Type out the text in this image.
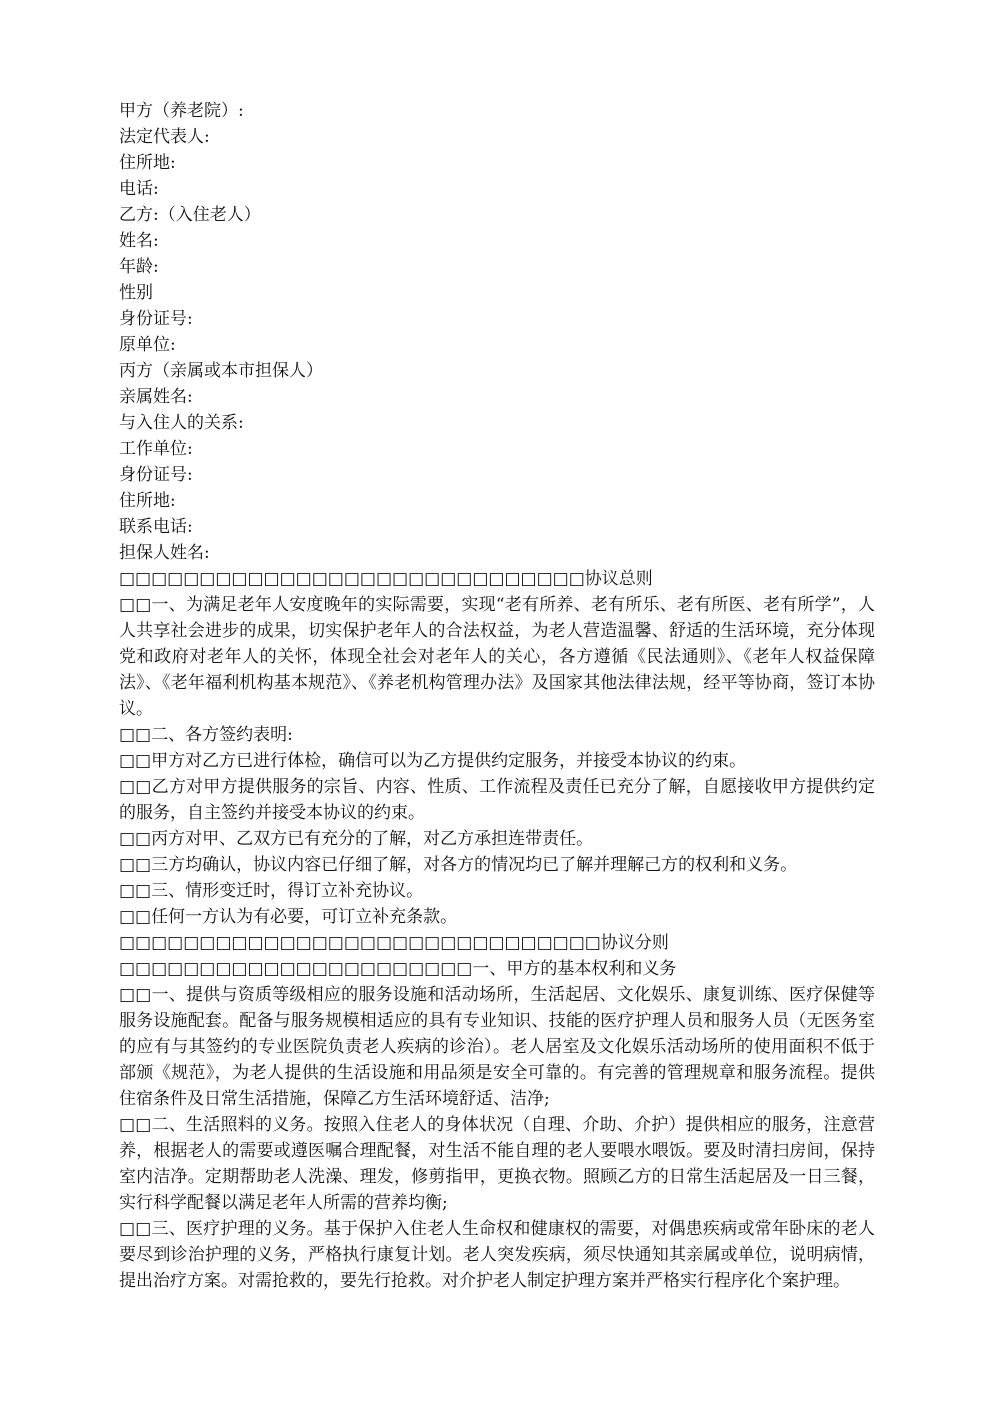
甲方（养老院）:
法定代表人:
住所地:
电话:
乙方:（入住老人）
姓名:
年龄:
性别
身份证号:
原单位:
丙方（亲属或本市担保人）
亲属姓名:
与入住人的关系:
工作单位:
身份证号:
住所地:
联系电话:
担保人姓名:
□□□□□□□□□□□□□□□□□□□□□□□□□□□□□协议总则
□□一、为满足老年人安度晚年的实际需要，实现“老有所养、老有所乐、老有所医、老有所学”，人人共享社会进步的成果，切实保护老年人的合法权益，为老人营造温馨、舒适的生活环境，充分体现党和政府对老年人的关怀，体现全社会对老年人的关心，各方遵循《民法通则》、《老年人权益保障法》、《老年福利机构基本规范》、《养老机构管理办法》及国家其他法律法规，经平等协商，签订本协议。
□□二、各方签约表明:
□□甲方对乙方已进行体检，确信可以为乙方提供约定服务，并接受本协议的约束。
□□乙方对甲方提供服务的宗旨、内容、性质、工作流程及责任已充分了解，自愿接收甲方提供约定的服务，自主签约并接受本协议的约束。
□□丙方对甲、乙双方已有充分的了解，对乙方承担连带责任。
□□三方均确认，协议内容已仔细了解，对各方的情况均已了解并理解己方的权利和义务。
□□三、情形变迁时，得订立补充协议。
□□任何一方认为有必要，可订立补充条款。
□□□□□□□□□□□□□□□□□□□□□□□□□□□□□□协议分则
□□□□□□□□□□□□□□□□□□□□□□一、甲方的基本权利和义务
□□一、提供与资质等级相应的服务设施和活动场所，生活起居、文化娱乐、康复训练、医疗保健等服务设施配套。配备与服务规模相适应的具有专业知识、技能的医疗护理人员和服务人员（无医务室的应有与其签约的专业医院负责老人疾病的诊治）。老人居室及文化娱乐活动场所的使用面积不低于部颁《规范》，为老人提供的生活设施和用品须是安全可靠的。有完善的管理规章和服务流程。提供住宿条件及日常生活措施，保障乙方生活环境舒适、洁净;
□□二、生活照料的义务。按照入住老人的身体状况（自理、介助、介护）提供相应的服务，注意营养，根据老人的需要或遵医嘱合理配餐，对生活不能自理的老人要喂水喂饭。要及时清扫房间，保持室内洁净。定期帮助老人洗澡、理发，修剪指甲，更换衣物。照顾乙方的日常生活起居及一日三餐，实行科学配餐以满足老年人所需的营养均衡;
□□三、医疗护理的义务。基于保护入住老人生命权和健康权的需要，对偶患疾病或常年卧床的老人要尽到诊治护理的义务，严格执行康复计划。老人突发疾病，须尽快通知其亲属或单位，说明病情，提出治疗方案。对需抢救的，要先行抢救。对介护老人制定护理方案并严格实行程序化个案护理。
